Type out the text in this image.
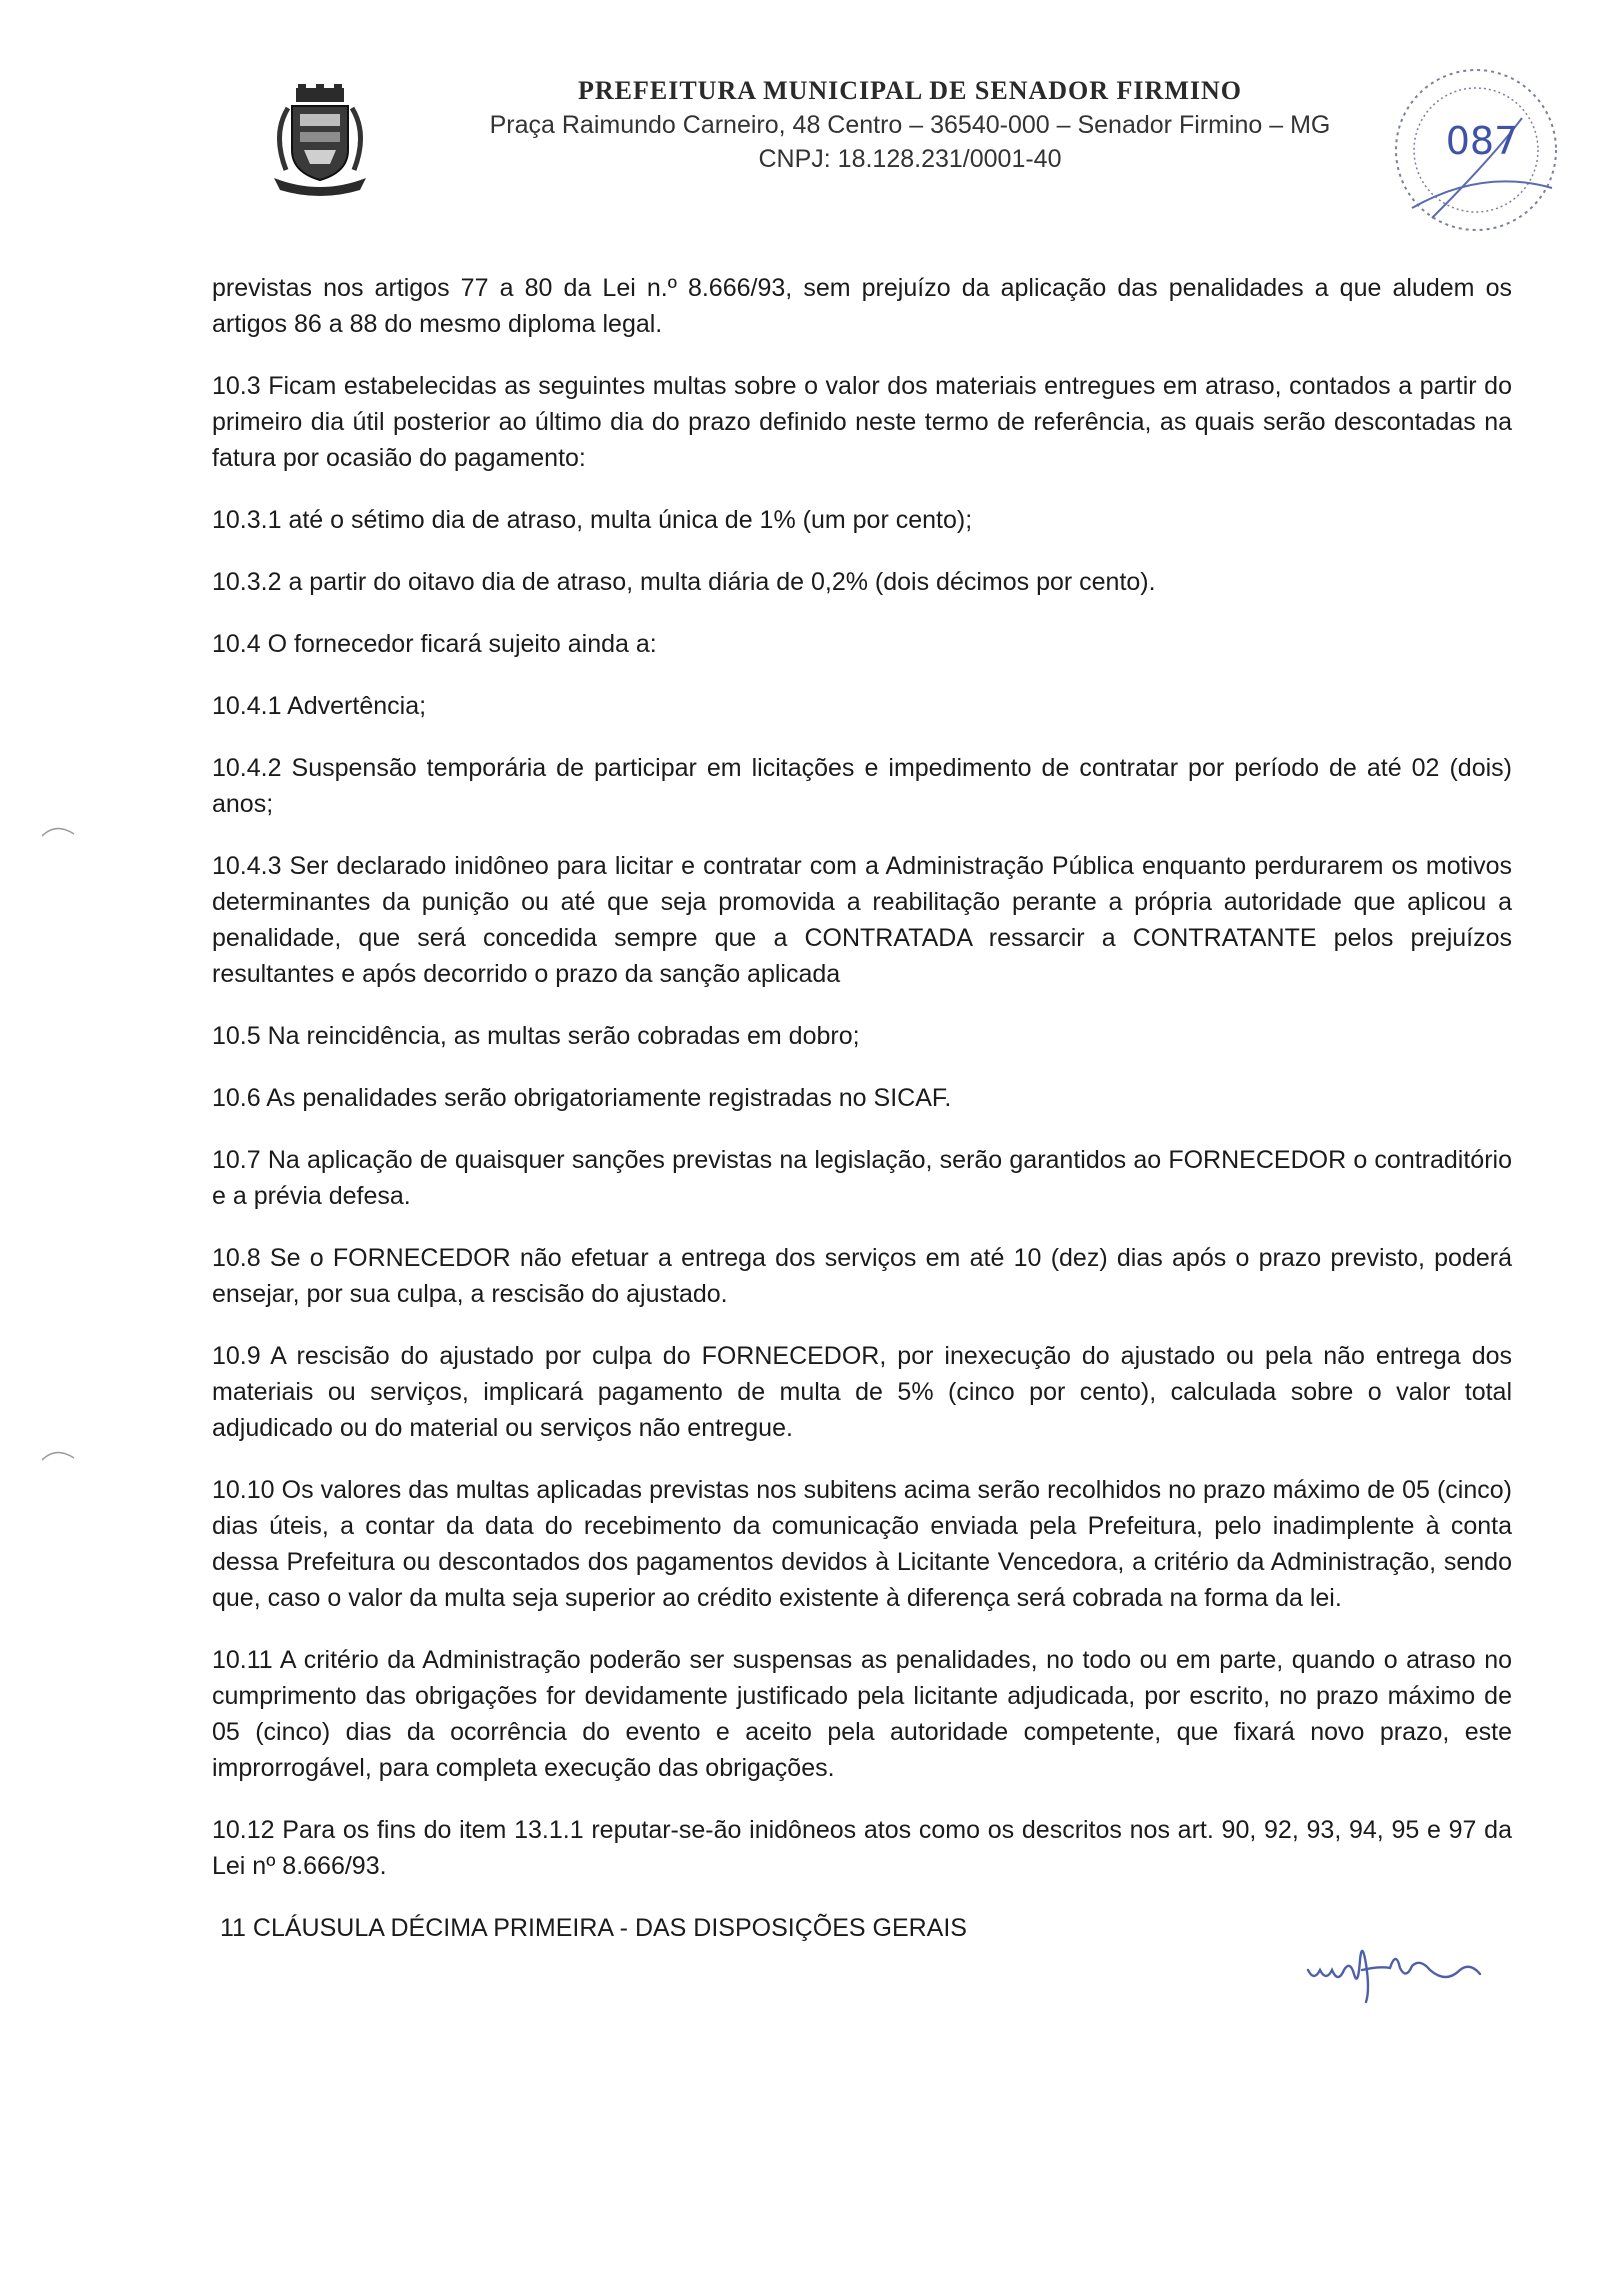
PREFEITURA MUNICIPAL DE SENADOR FIRMINO
Praça Raimundo Carneiro, 48 Centro – 36540-000 – Senador Firmino – MG
CNPJ: 18.128.231/0001-40	087

previstas nos artigos 77 a 80 da Lei n.º 8.666/93, sem prejuízo da aplicação das penalidades a que aludem os artigos 86 a 88 do mesmo diploma legal.

10.3 Ficam estabelecidas as seguintes multas sobre o valor dos materiais entregues em atraso, contados a partir do primeiro dia útil posterior ao último dia do prazo definido neste termo de referência, as quais serão descontadas na fatura por ocasião do pagamento:

10.3.1 até o sétimo dia de atraso, multa única de 1% (um por cento);

10.3.2 a partir do oitavo dia de atraso, multa diária de 0,2% (dois décimos por cento).

10.4 O fornecedor ficará sujeito ainda a:

10.4.1 Advertência;

10.4.2 Suspensão temporária de participar em licitações e impedimento de contratar por período de até 02 (dois) anos;

10.4.3 Ser declarado inidôneo para licitar e contratar com a Administração Pública enquanto perdurarem os motivos determinantes da punição ou até que seja promovida a reabilitação perante a própria autoridade que aplicou a penalidade, que será concedida sempre que a CONTRATADA ressarcir a CONTRATANTE pelos prejuízos resultantes e após decorrido o prazo da sanção aplicada

10.5 Na reincidência, as multas serão cobradas em dobro;

10.6 As penalidades serão obrigatoriamente registradas no SICAF.

10.7 Na aplicação de quaisquer sanções previstas na legislação, serão garantidos ao FORNECEDOR o contraditório e a prévia defesa.

10.8 Se o FORNECEDOR não efetuar a entrega dos serviços em até 10 (dez) dias após o prazo previsto, poderá ensejar, por sua culpa, a rescisão do ajustado.

10.9 A rescisão do ajustado por culpa do FORNECEDOR, por inexecução do ajustado ou pela não entrega dos materiais ou serviços, implicará pagamento de multa de 5% (cinco por cento), calculada sobre o valor total adjudicado ou do material ou serviços não entregue.

10.10 Os valores das multas aplicadas previstas nos subitens acima serão recolhidos no prazo máximo de 05 (cinco) dias úteis, a contar da data do recebimento da comunicação enviada pela Prefeitura, pelo inadimplente à conta dessa Prefeitura ou descontados dos pagamentos devidos à Licitante Vencedora, a critério da Administração, sendo que, caso o valor da multa seja superior ao crédito existente à diferença será cobrada na forma da lei.

10.11 A critério da Administração poderão ser suspensas as penalidades, no todo ou em parte, quando o atraso no cumprimento das obrigações for devidamente justificado pela licitante adjudicada, por escrito, no prazo máximo de 05 (cinco) dias da ocorrência do evento e aceito pela autoridade competente, que fixará novo prazo, este improrrogável, para completa execução das obrigações.

10.12 Para os fins do item 13.1.1 reputar-se-ão inidôneos atos como os descritos nos art. 90, 92, 93, 94, 95 e 97 da Lei nº 8.666/93.

11 CLÁUSULA DÉCIMA PRIMEIRA - DAS DISPOSIÇÕES GERAIS
